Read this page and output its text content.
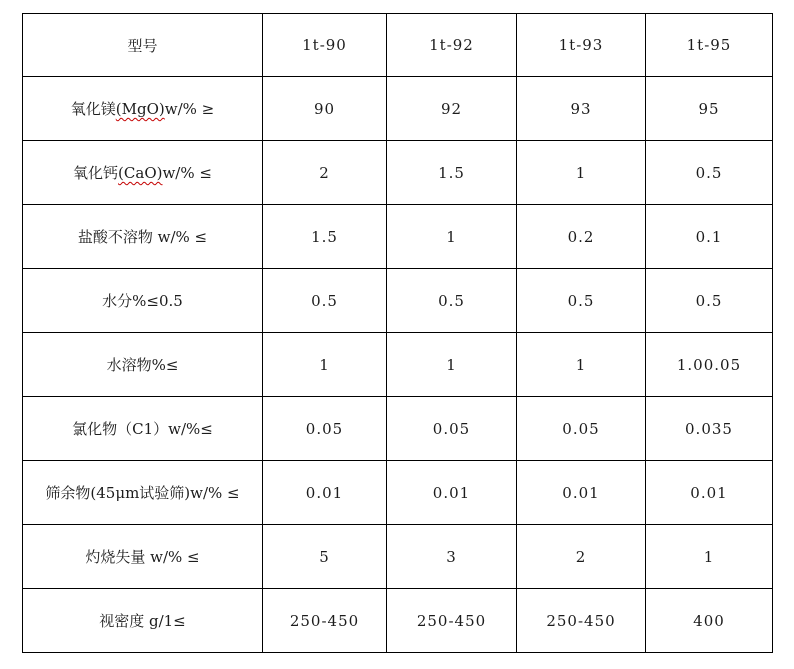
型号	1t-90	1t-92	1t-93	1t-95
氧化镁(MgO)w/% ≥	90	92	93	95
氧化钙(CaO)w/% ≤	2	1.5	1	0.5
盐酸不溶物 w/% ≤	1.5	1	0.2	0.1
水分%≤0.5	0.5	0.5	0.5	0.5
水溶物%≤	1	1	1	1.00.05
氯化物（C1）w/%≤	0.05	0.05	0.05	0.035
筛余物(45μm试验筛)w/% ≤	0.01	0.01	0.01	0.01
灼烧失量 w/% ≤	5	3	2	1
视密度 g/1≤	250-450	250-450	250-450	400
